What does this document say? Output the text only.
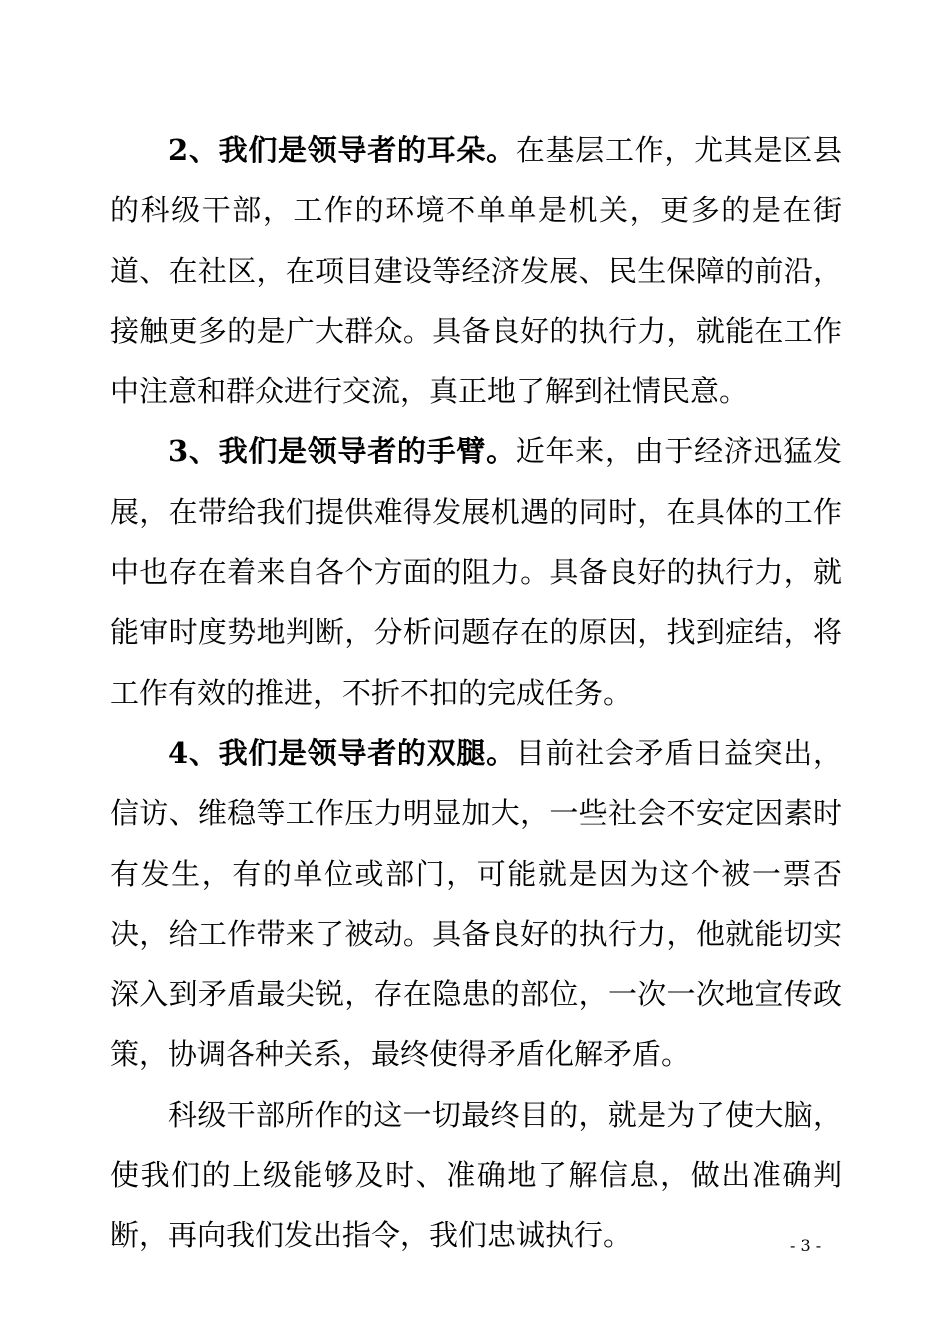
2、我们是领导者的耳朵。在基层工作，尤其是区县的科级干部，工作的环境不单单是机关，更多的是在街道、在社区，在项目建设等经济发展、民生保障的前沿，接触更多的是广大群众。具备良好的执行力，就能在工作中注意和群众进行交流，真正地了解到社情民意。

3、我们是领导者的手臂。近年来，由于经济迅猛发展，在带给我们提供难得发展机遇的同时，在具体的工作中也存在着来自各个方面的阻力。具备良好的执行力，就能审时度势地判断，分析问题存在的原因，找到症结，将工作有效的推进，不折不扣的完成任务。

4、我们是领导者的双腿。目前社会矛盾日益突出，信访、维稳等工作压力明显加大，一些社会不安定因素时有发生，有的单位或部门，可能就是因为这个被一票否决，给工作带来了被动。具备良好的执行力，他就能切实深入到矛盾最尖锐，存在隐患的部位，一次一次地宣传政策，协调各种关系，最终使得矛盾化解矛盾。

科级干部所作的这一切最终目的，就是为了使大脑，使我们的上级能够及时、准确地了解信息，做出准确判断，再向我们发出指令，我们忠诚执行。	- 3 -
